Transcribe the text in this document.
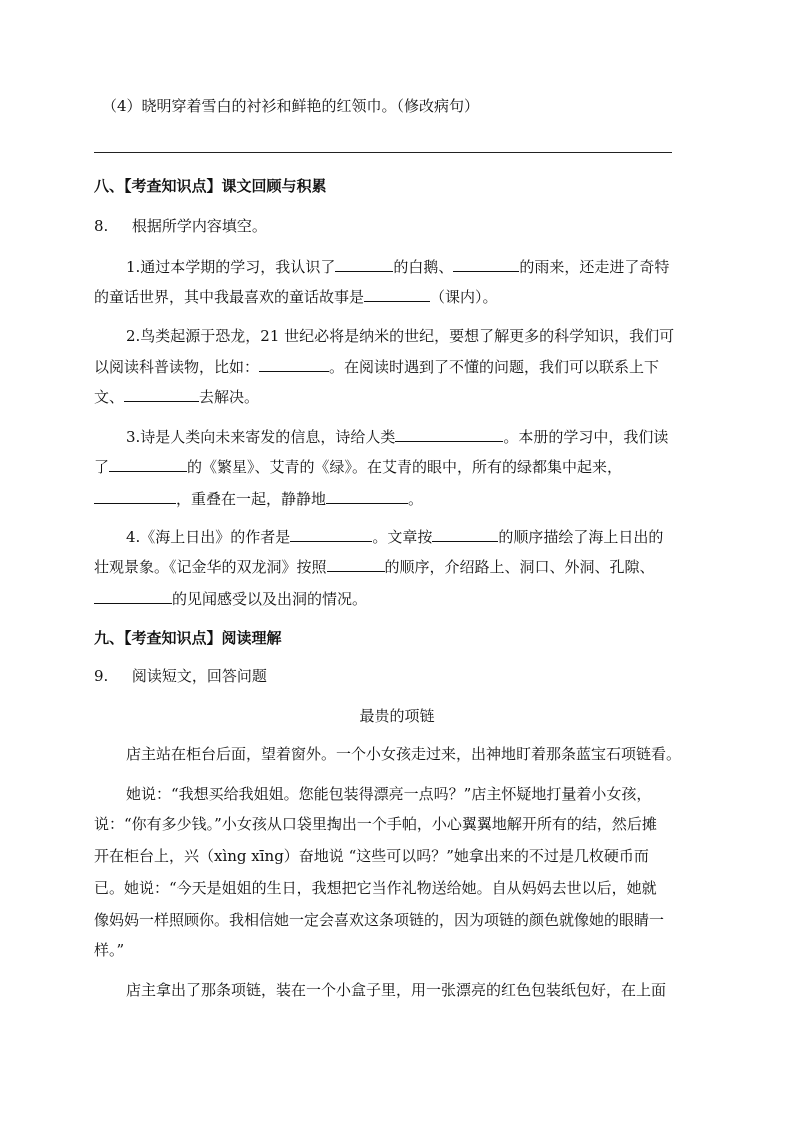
（4）晓明穿着雪白的衬衫和鲜艳的红领巾。（修改病句）
八、【考查知识点】课文回顾与积累
8. 根据所学内容填空。
1.通过本学期的学习，我认识了	的白鹅、	的雨来，还走进了奇特
的童话世界，其中我最喜欢的童话故事是	（课内）。
2.鸟类起源于恐龙，21 世纪必将是纳米的世纪，要想了解更多的科学知识，我们可
以阅读科普读物，比如：	。在阅读时遇到了不懂的问题，我们可以联系上下
文、	去解决。
3.诗是人类向未来寄发的信息，诗给人类	。本册的学习中，我们读
了	的《繁星》、艾青的《绿》。在艾青的眼中，所有的绿都集中起来，
，重叠在一起，静静地	。
4.《海上日出》的作者是	。文章按	的顺序描绘了海上日出的
壮观景象。《记金华的双龙洞》按照	的顺序，介绍路上、洞口、外洞、孔隙、
的见闻感受以及出洞的情况。
九、【考查知识点】阅读理解
9. 阅读短文，回答问题
最贵的项链
店主站在柜台后面，望着窗外。一个小女孩走过来，出神地盯着那条蓝宝石项链看。
她说：“我想买给我姐姐。您能包装得漂亮一点吗？”店主怀疑地打量着小女孩，
说：“你有多少钱。”小女孩从口袋里掏出一个手帕，小心翼翼地解开所有的结，然后摊
开在柜台上，兴（xìng xīng）奋地说 “这些可以吗？”她拿出来的不过是几枚硬币而
已。她说：“今天是姐姐的生日，我想把它当作礼物送给她。自从妈妈去世以后，她就
像妈妈一样照顾你。我相信她一定会喜欢这条项链的，因为项链的颜色就像她的眼睛一
样。”
店主拿出了那条项链，装在一个小盒子里，用一张漂亮的红色包装纸包好，在上面
